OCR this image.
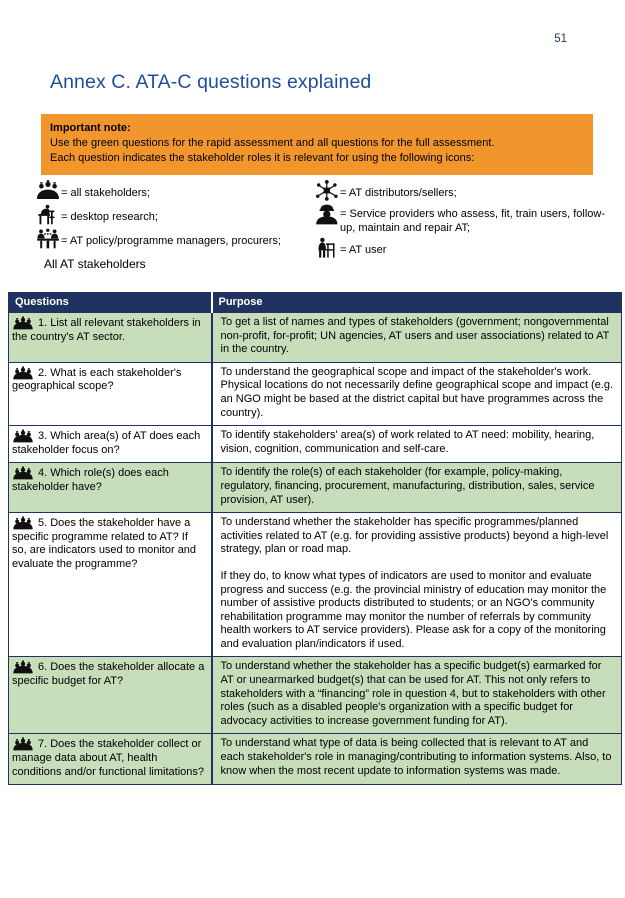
51
Annex C. ATA-C questions explained
Important note:
Use the green questions for the rapid assessment and all questions for the full assessment.
Each question indicates the stakeholder roles it is relevant for using the following icons:
= all stakeholders;
= desktop research;
= AT policy/programme managers, procurers;
All AT stakeholders
= AT distributors/sellers;
= Service providers who assess, fit, train users, follow-up, maintain and repair AT;
= AT user
Questions	Purpose

1. List all relevant stakeholders in the country's AT sector.	To get a list of names and types of stakeholders (government; nongovernmental non-profit, for-profit; UN agencies, AT users and user associations) related to AT in the country.

2. What is each stakeholder's geographical scope?	To understand the geographical scope and impact of the stakeholder's work. Physical locations do not necessarily define geographical scope and impact (e.g. an NGO might be based at the district capital but have programmes across the country).

3. Which area(s) of AT does each stakeholder focus on?	To identify stakeholders' area(s) of work related to AT need: mobility, hearing, vision, cognition, communication and self-care.

4. Which role(s) does each stakeholder have?	To identify the role(s) of each stakeholder (for example, policy-making, regulatory, financing, procurement, manufacturing, distribution, sales, service provision, AT user).

5. Does the stakeholder have a specific programme related to AT? If so, are indicators used to monitor and evaluate the programme?	To understand whether the stakeholder has specific programmes/planned activities related to AT (e.g. for providing assistive products) beyond a high-level strategy, plan or road map.

If they do, to know what types of indicators are used to monitor and evaluate progress and success (e.g. the provincial ministry of education may monitor the number of assistive products distributed to students; or an NGO's community rehabilitation programme may monitor the number of referrals by community health workers to AT service providers). Please ask for a copy of the monitoring and evaluation plan/indicators if used.

6. Does the stakeholder allocate a specific budget for AT?	To understand whether the stakeholder has a specific budget(s) earmarked for AT or unearmarked budget(s) that can be used for AT. This not only refers to stakeholders with a “financing” role in question 4, but to stakeholders with other roles (such as a disabled people's organization with a specific budget for advocacy activities to increase government funding for AT).

7. Does the stakeholder collect or manage data about AT, health conditions and/or functional limitations?	To understand what type of data is being collected that is relevant to AT and each stakeholder's role in managing/contributing to information systems. Also, to know when the most recent update to information systems was made.
